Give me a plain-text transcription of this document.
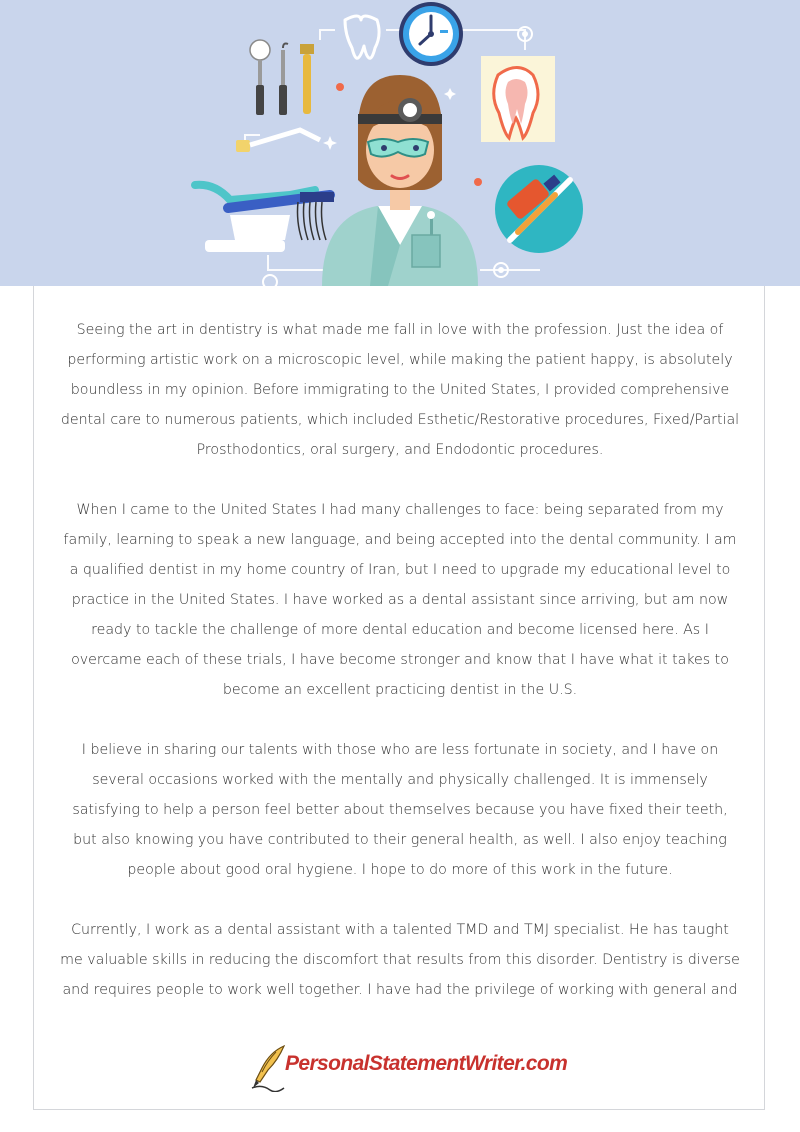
Seeing the art in dentistry is what made me fall in love with the profession. Just the idea of performing artistic work on a microscopic level, while making the patient happy, is absolutely boundless in my opinion. Before immigrating to the United States, I provided comprehensive dental care to numerous patients, which included Esthetic/Restorative procedures, Fixed/Partial Prosthodontics, oral surgery, and Endodontic procedures.

When I came to the United States I had many challenges to face: being separated from my family, learning to speak a new language, and being accepted into the dental community. I am a qualified dentist in my home country of Iran, but I need to upgrade my educational level to practice in the United States. I have worked as a dental assistant since arriving, but am now ready to tackle the challenge of more dental education and become licensed here. As I overcame each of these trials, I have become stronger and know that I have what it takes to become an excellent practicing dentist in the U.S.

I believe in sharing our talents with those who are less fortunate in society, and I have on several occasions worked with the mentally and physically challenged. It is immensely satisfying to help a person feel better about themselves because you have fixed their teeth, but also knowing you have contributed to their general health, as well. I also enjoy teaching people about good oral hygiene. I hope to do more of this work in the future.

Currently, I work as a dental assistant with a talented TMD and TMJ specialist. He has taught me valuable skills in reducing the discomfort that results from this disorder. Dentistry is diverse and requires people to work well together. I have had the privilege of working with general and

PersonalStatementWriter.com
